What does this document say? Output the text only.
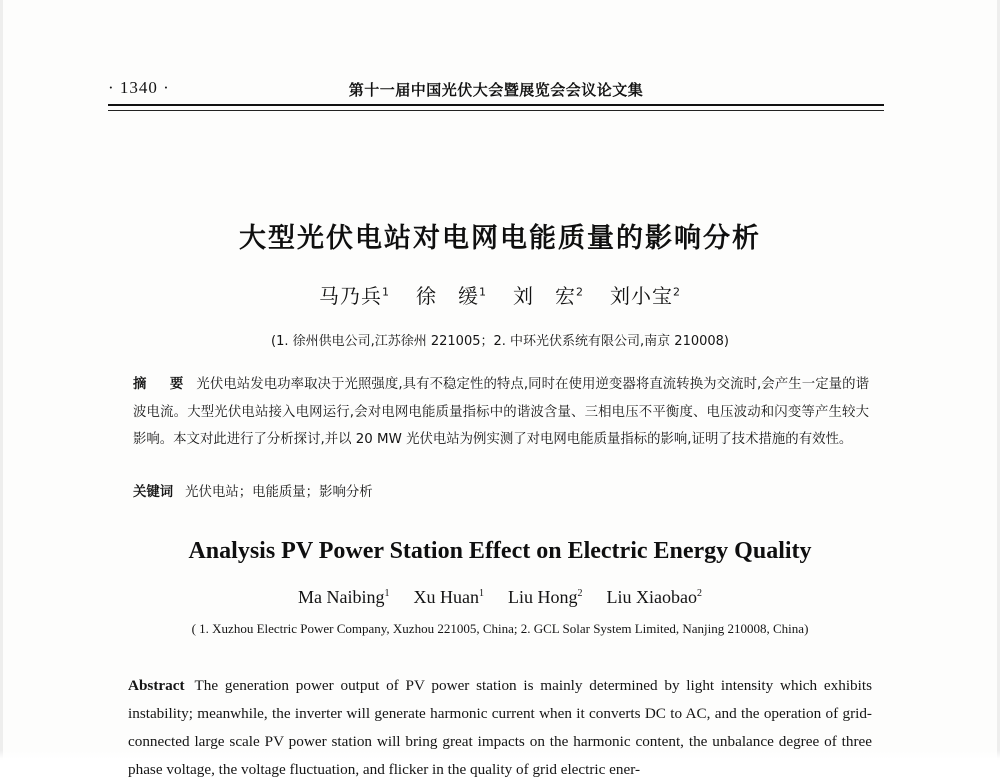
· 1340 ·	第十一届中国光伏大会暨展览会会议论文集
大型光伏电站对电网电能质量的影响分析
马乃兵$^1$ 徐　缓$^1$ 刘　宏$^2$ 刘小宝$^2$
(1. 徐州供电公司,江苏徐州 221005；2. 中环光伏系统有限公司,南京 210008)
摘　要 光伏电站发电功率取决于光照强度,具有不稳定性的特点,同时在使用逆变器将直流转换为交流时,会产生一定量的谐波电流。大型光伏电站接入电网运行,会对电网电能质量指标中的谐波含量、三相电压不平衡度、电压波动和闪变等产生较大影响。本文对此进行了分析探讨,并以 20 MW 光伏电站为例实测了对电网电能质量指标的影响,证明了技术措施的有效性。
关键词 光伏电站；电能质量；影响分析
Analysis PV Power Station Effect on Electric Energy Quality
Ma Naibing$^1$ Xu Huan$^1$ Liu Hong$^2$ Liu Xiaobao$^2$
( 1. Xuzhou Electric Power Company, Xuzhou 221005, China; 2. GCL Solar System Limited, Nanjing 210008, China)
Abstract The generation power output of PV power station is mainly determined by light intensity which exhibits instability; meanwhile, the inverter will generate harmonic current when it converts DC to AC, and the operation of grid-connected large scale PV power station will bring great impacts on the harmonic content, the unbalance degree of three phase voltage, the voltage fluctuation, and flicker in the quality of grid electric ener-
